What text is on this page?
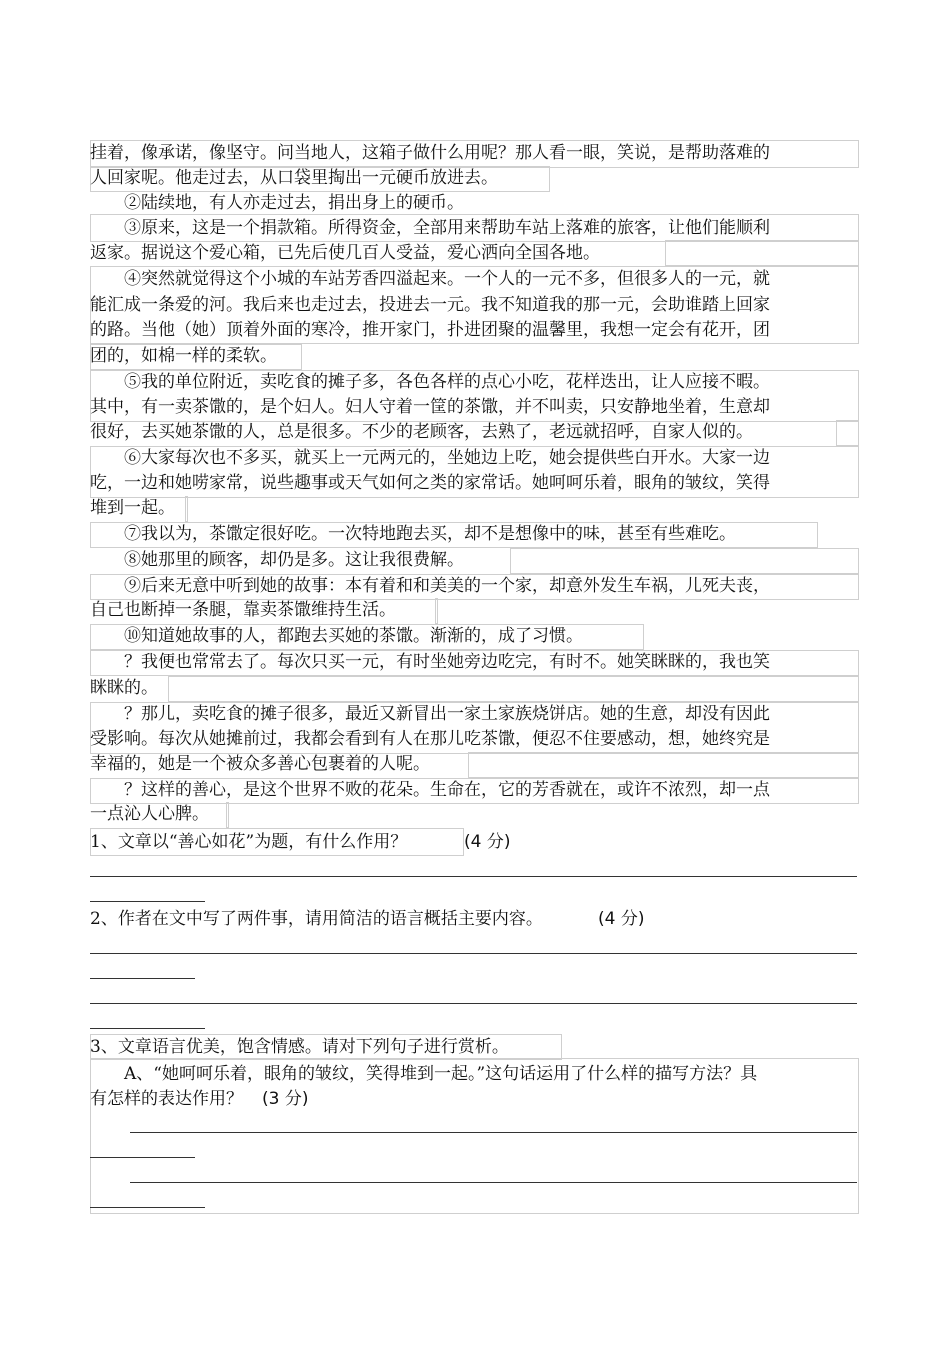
挂着，像承诺，像坚守。问当地人，这箱子做什么用呢？那人看一眼，笑说，是帮助落难的
人回家呢。他走过去，从口袋里掏出一元硬币放进去。
②陆续地，有人亦走过去，捐出身上的硬币。
③原来，这是一个捐款箱。所得资金，全部用来帮助车站上落难的旅客，让他们能顺利
返家。据说这个爱心箱，已先后使几百人受益，爱心洒向全国各地。
④突然就觉得这个小城的车站芳香四溢起来。一个人的一元不多，但很多人的一元，就
能汇成一条爱的河。我后来也走过去，投进去一元。我不知道我的那一元，会助谁踏上回家
的路。当他（她）顶着外面的寒冷，推开家门，扑进团聚的温馨里，我想一定会有花开，团
团的，如棉一样的柔软。
⑤我的单位附近，卖吃食的摊子多，各色各样的点心小吃，花样迭出，让人应接不暇。
其中，有一卖茶馓的，是个妇人。妇人守着一筐的茶馓，并不叫卖，只安静地坐着，生意却
很好，去买她茶馓的人，总是很多。不少的老顾客，去熟了，老远就招呼，自家人似的。
⑥大家每次也不多买，就买上一元两元的，坐她边上吃，她会提供些白开水。大家一边
吃，一边和她唠家常，说些趣事或天气如何之类的家常话。她呵呵乐着，眼角的皱纹，笑得
堆到一起。
⑦我以为，茶馓定很好吃。一次特地跑去买，却不是想像中的味，甚至有些难吃。
⑧她那里的顾客，却仍是多。这让我很费解。
⑨后来无意中听到她的故事：本有着和和美美的一个家，却意外发生车祸，儿死夫丧，
自己也断掉一条腿，靠卖茶馓维持生活。
⑩知道她故事的人，都跑去买她的茶馓。渐渐的，成了习惯。
？我便也常常去了。每次只买一元，有时坐她旁边吃完，有时不。她笑眯眯的，我也笑
眯眯的。
？那儿，卖吃食的摊子很多，最近又新冒出一家土家族烧饼店。她的生意，却没有因此
受影响。每次从她摊前过，我都会看到有人在那儿吃茶馓，便忍不住要感动，想，她终究是
幸福的，她是一个被众多善心包裹着的人呢。
？这样的善心，是这个世界不败的花朵。生命在，它的芳香就在，或许不浓烈，却一点
一点沁人心脾。
1、文章以“善心如花”为题，有什么作用？	(4 分)
2、作者在文中写了两件事，请用简洁的语言概括主要内容。	(4 分)
3、文章语言优美，饱含情感。请对下列句子进行赏析。
A、“她呵呵乐着，眼角的皱纹，笑得堆到一起。”这句话运用了什么样的描写方法？具
有怎样的表达作用？ (3 分)
